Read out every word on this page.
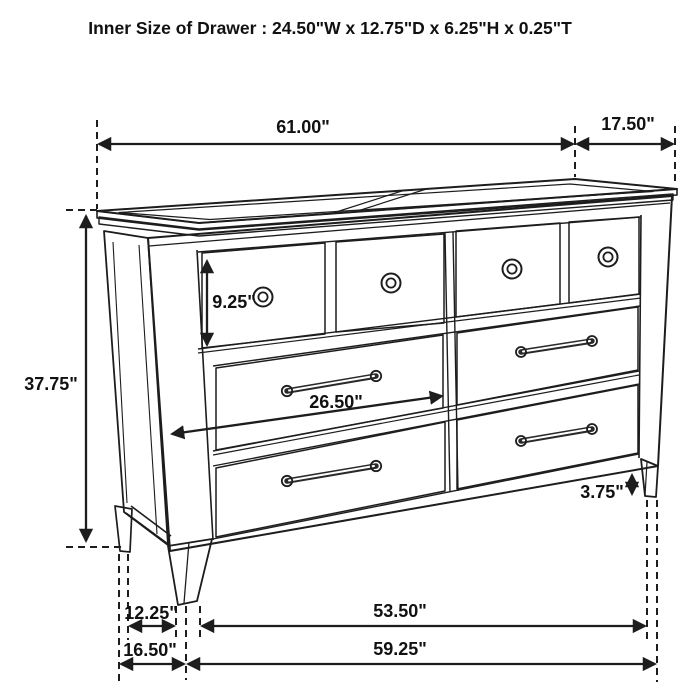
Inner Size of Drawer : 24.50"W x 12.75"D x 6.25"H x 0.25"T
61.00"	17.50"
37.75"
9.25"
26.50"
3.75"
12.25"	53.50"
16.50"	59.25"
